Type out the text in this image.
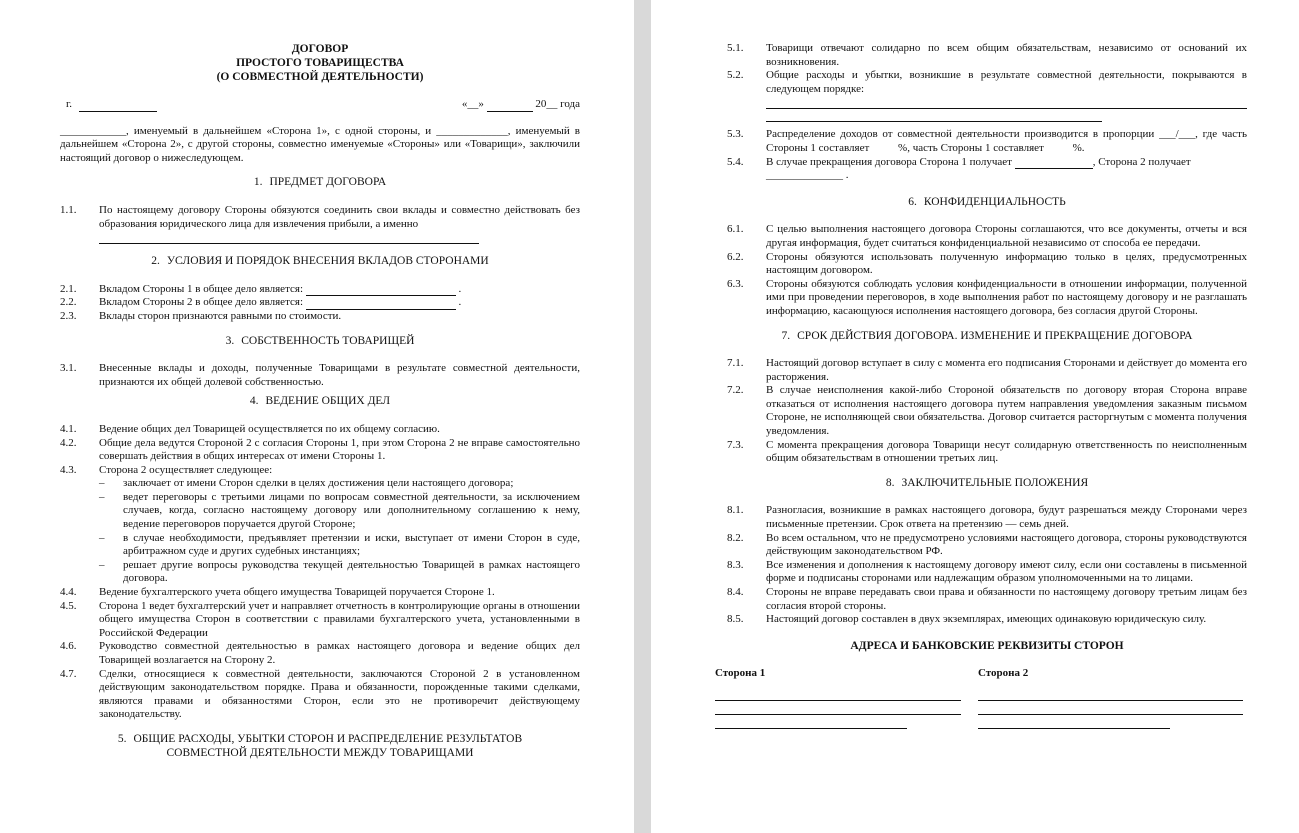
ДОГОВОР
ПРОСТОГО ТОВАРИЩЕСТВА
(О СОВМЕСТНОЙ ДЕЯТЕЛЬНОСТИ)
г.	«__»	20__ года
____________, именуемый в дальнейшем «Сторона 1», с одной стороны, и _____________, именуемый в дальнейшем «Сторона 2», с другой стороны, совместно именуемые «Стороны» или «Товарищи», заключили настоящий договор о нижеследующем.
1. ПРЕДМЕТ ДОГОВОРА
1.1.	По настоящему договору Стороны обязуются соединить свои вклады и совместно действовать без образования юридического лица для извлечения прибыли, а именно
2. УСЛОВИЯ И ПОРЯДОК ВНЕСЕНИЯ ВКЛАДОВ СТОРОНАМИ
2.1.	Вкладом Стороны 1 в общее дело является:	.
2.2.	Вкладом Стороны 2 в общее дело является:	.
2.3.	Вклады сторон признаются равными по стоимости.
3. СОБСТВЕННОСТЬ ТОВАРИЩЕЙ
3.1.	Внесенные вклады и доходы, полученные Товарищами в результате совместной деятельности, признаются их общей долевой собственностью.
4. ВЕДЕНИЕ ОБЩИХ ДЕЛ
4.1.	Ведение общих дел Товарищей осуществляется по их общему согласию.
4.2.	Общие дела ведутся Стороной 2 с согласия Стороны 1, при этом Сторона 2 не вправе самостоятельно совершать действия в общих интересах от имени Стороны 1.
4.3.	Сторона 2 осуществляет следующее:
–	заключает от имени Сторон сделки в целях достижения цели настоящего договора;
–	ведет переговоры с третьими лицами по вопросам совместной деятельности, за исключением случаев, когда, согласно настоящему договору или дополнительному соглашению к нему, ведение переговоров поручается другой Стороне;
–	в случае необходимости, предъявляет претензии и иски, выступает от имени Сторон в суде, арбитражном суде и других судебных инстанциях;
–	решает другие вопросы руководства текущей деятельностью Товарищей в рамках настоящего договора.
4.4.	Ведение бухгалтерского учета общего имущества Товарищей поручается Стороне 1.
4.5.	Сторона 1 ведет бухгалтерский учет и направляет отчетность в контролирующие органы в отношении общего имущества Сторон в соответствии с правилами бухгалтерского учета, установленными в Российской Федерации
4.6.	Руководство совместной деятельностью в рамках настоящего договора и ведение общих дел Товарищей возлагается на Сторону 2.
4.7.	Сделки, относящиеся к совместной деятельности, заключаются Стороной 2 в установленном действующим законодательством порядке. Права и обязанности, порожденные такими сделками, являются правами и обязанностями Сторон, если это не противоречит действующему законодательству.
5. ОБЩИЕ РАСХОДЫ, УБЫТКИ СТОРОН И РАСПРЕДЕЛЕНИЕ РЕЗУЛЬТАТОВ
СОВМЕСТНОЙ ДЕЯТЕЛЬНОСТИ МЕЖДУ ТОВАРИЩАМИ
5.1.	Товарищи отвечают солидарно по всем общим обязательствам, независимо от оснований их возникновения.
5.2.	Общие расходы и убытки, возникшие в результате совместной деятельности, покрываются в следующем порядке:
5.3.	Распределение доходов от совместной деятельности производится в пропорции ___/___, где часть Стороны 1 составляет	%, часть Стороны 1 составляет	%.
5.4.	В случае прекращения договора Сторона 1 получает	, Сторона 2 получает
______________ .
6. КОНФИДЕНЦИАЛЬНОСТЬ
6.1.	С целью выполнения настоящего договора Стороны соглашаются, что все документы, отчеты и вся другая информация, будет считаться конфиденциальной независимо от способа ее передачи.
6.2.	Стороны обязуются использовать полученную информацию только в целях, предусмотренных настоящим договором.
6.3.	Стороны обязуются соблюдать условия конфиденциальности в отношении информации, полученной ими при проведении переговоров, в ходе выполнения работ по настоящему договору и не разглашать информацию, касающуюся исполнения настоящего договора, без согласия другой Стороны.
7. СРОК ДЕЙСТВИЯ ДОГОВОРА. ИЗМЕНЕНИЕ И ПРЕКРАЩЕНИЕ ДОГОВОРА
7.1.	Настоящий договор вступает в силу с момента его подписания Сторонами и действует до момента его расторжения.
7.2.	В случае неисполнения какой-либо Стороной обязательств по договору вторая Сторона вправе отказаться от исполнения настоящего договора путем направления уведомления заказным письмом Стороне, не исполняющей свои обязательства. Договор считается расторгнутым с момента получения уведомления.
7.3.	С момента прекращения договора Товарищи несут солидарную ответственность по неисполненным общим обязательствам в отношении третьих лиц.
8. ЗАКЛЮЧИТЕЛЬНЫЕ ПОЛОЖЕНИЯ
8.1.	Разногласия, возникшие в рамках настоящего договора, будут разрешаться между Сторонами через письменные претензии. Срок ответа на претензию — семь дней.
8.2.	Во всем остальном, что не предусмотрено условиями настоящего договора, стороны руководствуются действующим законодательством РФ.
8.3.	Все изменения и дополнения к настоящему договору имеют силу, если они составлены в письменной форме и подписаны сторонами или надлежащим образом уполномоченными на то лицами.
8.4.	Стороны не вправе передавать свои права и обязанности по настоящему договору третьим лицам без согласия второй стороны.
8.5.	Настоящий договор составлен в двух экземплярах, имеющих одинаковую юридическую силу.
АДРЕСА И БАНКОВСКИЕ РЕКВИЗИТЫ СТОРОН
Сторона 1	Сторона 2
